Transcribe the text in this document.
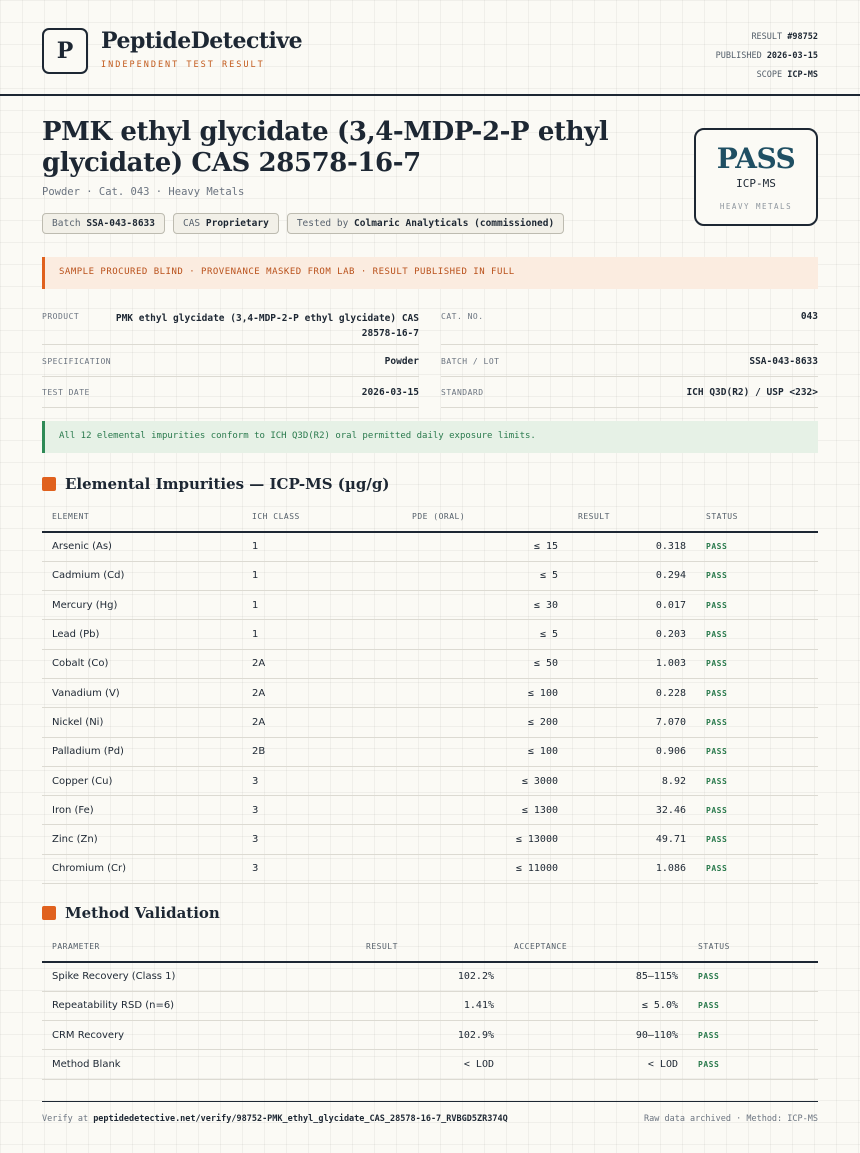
P	PeptideDetective
INDEPENDENT TEST RESULT
RESULT #98752
PUBLISHED 2026-03-15
SCOPE ICP-MS
PMK ethyl glycidate (3,4-MDP-2-P ethyl glycidate) CAS 28578-16-7
Powder · Cat. 043 · Heavy Metals
Batch SSA-043-8633	CAS Proprietary	Tested by Colmaric Analyticals (commissioned)
PASS
ICP-MS
HEAVY METALS
SAMPLE PROCURED BLIND · PROVENANCE MASKED FROM LAB · RESULT PUBLISHED IN FULL
PRODUCT	PMK ethyl glycidate (3,4-MDP-2-P ethyl glycidate) CAS 28578-16-7
CAT. NO.	043
SPECIFICATION	Powder	BATCH / LOT	SSA-043-8633
TEST DATE	2026-03-15	STANDARD	ICH Q3D(R2) / USP <232>
All 12 elemental impurities conform to ICH Q3D(R2) oral permitted daily exposure limits.
Elemental Impurities — ICP-MS (µg/g)
ELEMENT	ICH CLASS	PDE (ORAL)	RESULT	STATUS
Arsenic (As)	1	≤ 15	0.318	PASS
Cadmium (Cd)	1	≤ 5	0.294	PASS
Mercury (Hg)	1	≤ 30	0.017	PASS
Lead (Pb)	1	≤ 5	0.203	PASS
Cobalt (Co)	2A	≤ 50	1.003	PASS
Vanadium (V)	2A	≤ 100	0.228	PASS
Nickel (Ni)	2A	≤ 200	7.070	PASS
Palladium (Pd)	2B	≤ 100	0.906	PASS
Copper (Cu)	3	≤ 3000	8.92	PASS
Iron (Fe)	3	≤ 1300	32.46	PASS
Zinc (Zn)	3	≤ 13000	49.71	PASS
Chromium (Cr)	3	≤ 11000	1.086	PASS
Method Validation
PARAMETER	RESULT	ACCEPTANCE	STATUS
Spike Recovery (Class 1)	102.2%	85–115%	PASS
Repeatability RSD (n=6)	1.41%	≤ 5.0%	PASS
CRM Recovery	102.9%	90–110%	PASS
Method Blank	< LOD	< LOD	PASS
Verify at peptidedetective.net/verify/98752-PMK_ethyl_glycidate_CAS_28578-16-7_RVBGD5ZR374Q	Raw data archived · Method: ICP-MS
